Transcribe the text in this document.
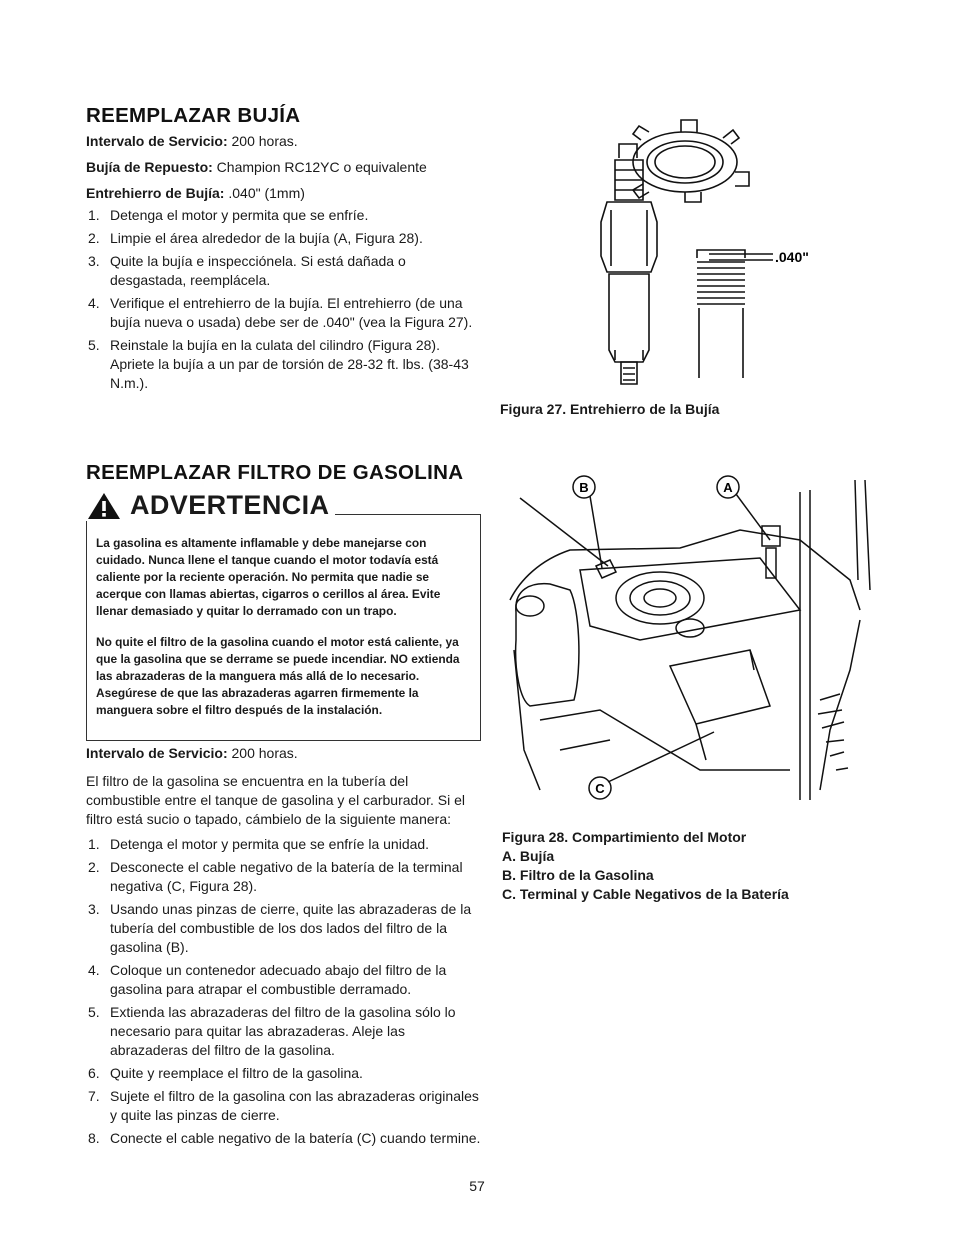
REEMPLAZAR BUJÍA

Intervalo de Servicio: 200 horas.

Bujía de Repuesto: Champion RC12YC o equivalente

Entrehierro de Bujía: .040" (1mm)

1. Detenga el motor y permita que se enfríe.
2. Limpie el área alrededor de la bujía (A, Figura 28).
3. Quite la bujía e inspecciónela. Si está dañada o desgastada, reemplácela.
4. Verifique el entrehierro de la bujía. El entrehierro (de una bujía nueva o usada) debe ser de .040" (vea la Figura 27).
5. Reinstale la bujía en la culata del cilindro (Figura 28). Apriete la bujía a un par de torsión de 28-32 ft. lbs. (38-43 N.m.).
REEMPLAZAR FILTRO DE GASOLINA
ADVERTENCIA

La gasolina es altamente inflamable y debe manejarse con cuidado. Nunca llene el tanque cuando el motor todavía está caliente por la reciente operación. No permita que nadie se acerque con llamas abiertas, cigarros o cerillos al área. Evite llenar demasiado y quitar lo derramado con un trapo.

No quite el filtro de la gasolina cuando el motor está caliente, ya que la gasolina que se derrame se puede incendiar. NO extienda las abrazaderas de la manguera más allá de lo necesario. Asegúrese de que las abrazaderas agarren firmemente la manguera sobre el filtro después de la instalación.

Intervalo de Servicio: 200 horas.

El filtro de la gasolina se encuentra en la tubería del combustible entre el tanque de gasolina y el carburador. Si el filtro está sucio o tapado, cámbielo de la siguiente manera:

1. Detenga el motor y permita que se enfríe la unidad.
2. Desconecte el cable negativo de la batería de la terminal negativa (C, Figura 28).
3. Usando unas pinzas de cierre, quite las abrazaderas de la tubería del combustible de los dos lados del filtro de la gasolina (B).
4. Coloque un contenedor adecuado abajo del filtro de la gasolina para atrapar el combustible derramado.
5. Extienda las abrazaderas del filtro de la gasolina sólo lo necesario para quitar las abrazaderas. Aleje las abrazaderas del filtro de la gasolina.
6. Quite y reemplace el filtro de la gasolina.
7. Sujete el filtro de la gasolina con las abrazaderas originales y quite las pinzas de cierre.
8. Conecte el cable negativo de la batería (C) cuando termine.
.040"
Figura 27. Entrehierro de la Bujía
B	A
C
Figura 28. Compartimiento del Motor
A. Bujía
B. Filtro de la Gasolina
C. Terminal y Cable Negativos de la Batería
57
